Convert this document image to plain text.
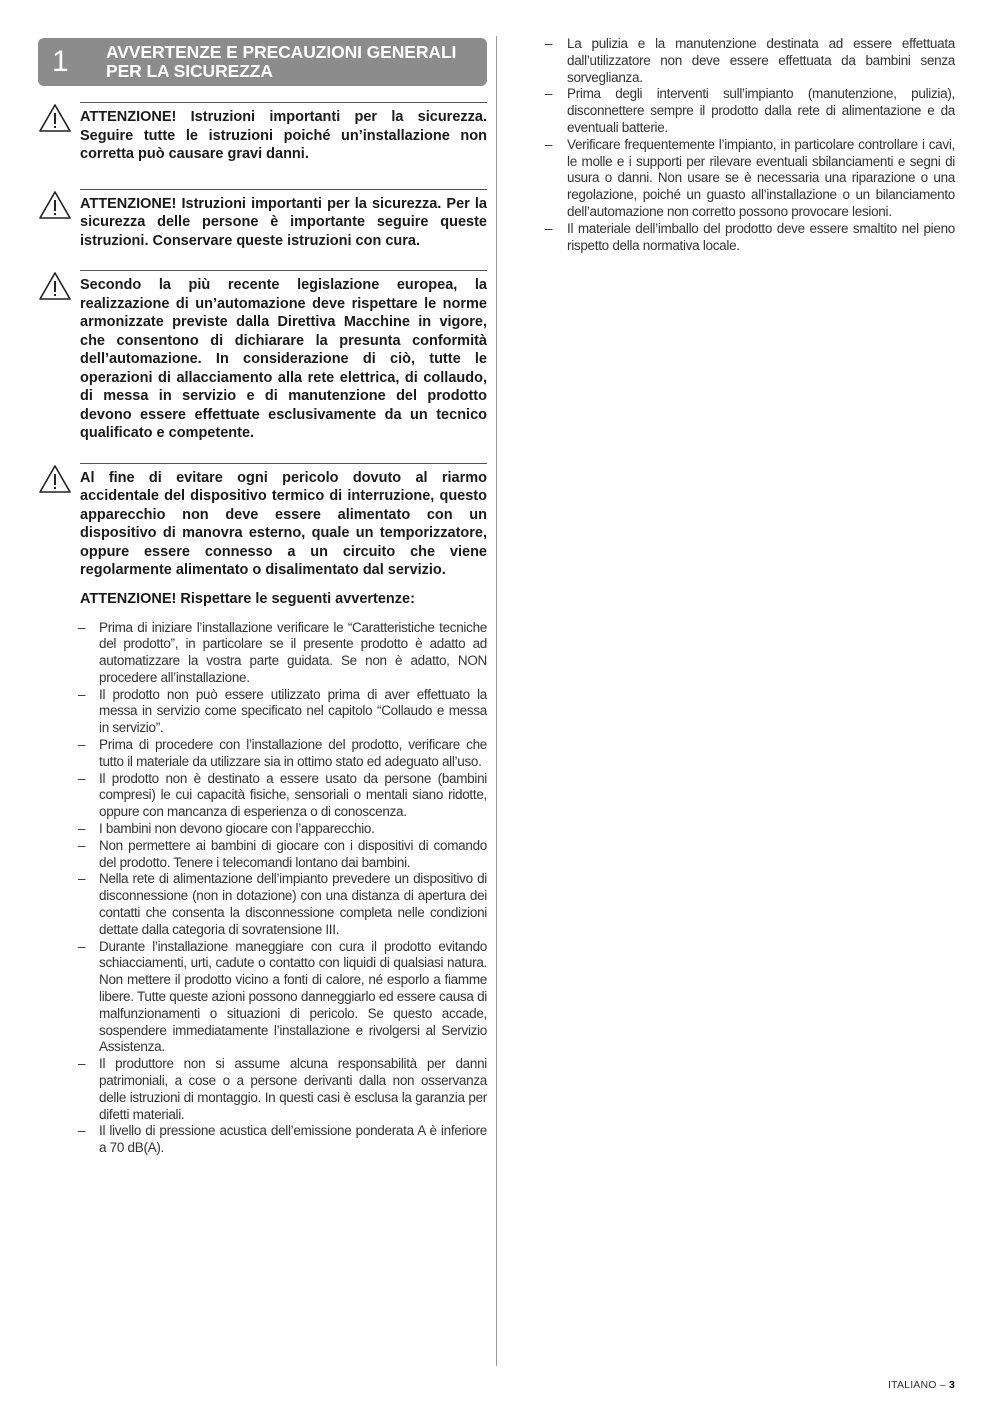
1 AVVERTENZE E PRECAUZIONI GENERALI
PER LA SICUREZZA
ATTENZIONE! Istruzioni importanti per la sicurezza. Seguire tutte le istruzioni poiché un’installazione non corretta può causare gravi danni.
ATTENZIONE! Istruzioni importanti per la sicurezza. Per la sicurezza delle persone è importante seguire queste istruzioni. Conservare queste istruzioni con cura.
Secondo la più recente legislazione europea, la realizzazione di un’automazione deve rispettare le norme armonizzate previste dalla Direttiva Macchine in vigore, che consentono di dichiarare la presunta conformità dell’automazione. In considerazione di ciò, tutte le operazioni di allacciamento alla rete elettrica, di collaudo, di messa in servizio e di manutenzione del prodotto devono essere effettuate esclusivamente da un tecnico qualificato e competente.
Al fine di evitare ogni pericolo dovuto al riarmo accidentale del dispositivo termico di interruzione, questo apparecchio non deve essere alimentato con un dispositivo di manovra esterno, quale un temporizzatore, oppure essere connesso a un circuito che viene regolarmente alimentato o disalimentato dal servizio.
ATTENZIONE! Rispettare le seguenti avvertenze:
– Prima di iniziare l’installazione verificare le “Caratteristiche tecniche del prodotto”, in particolare se il presente prodotto è adatto ad automatizzare la vostra parte guidata. Se non è adatto, NON procedere all’installazione.
– Il prodotto non può essere utilizzato prima di aver effettuato la messa in servizio come specificato nel capitolo “Collaudo e messa in servizio”.
– Prima di procedere con l’installazione del prodotto, verificare che tutto il materiale da utilizzare sia in ottimo stato ed adeguato all’uso.
– Il prodotto non è destinato a essere usato da persone (bambini compresi) le cui capacità fisiche, sensoriali o mentali siano ridotte, oppure con mancanza di esperienza o di conoscenza.
– I bambini non devono giocare con l’apparecchio.
– Non permettere ai bambini di giocare con i dispositivi di comando del prodotto. Tenere i telecomandi lontano dai bambini.
– Nella rete di alimentazione dell’impianto prevedere un dispositivo di disconnessione (non in dotazione) con una distanza di apertura dei contatti che consenta la disconnessione completa nelle condizioni dettate dalla categoria di sovratensione III.
– Durante l’installazione maneggiare con cura il prodotto evitando schiacciamenti, urti, cadute o contatto con liquidi di qualsiasi natura. Non mettere il prodotto vicino a fonti di calore, né esporlo a fiamme libere. Tutte queste azioni possono danneggiarlo ed essere causa di malfunzionamenti o situazioni di pericolo. Se questo accade, sospendere immediatamente l’installazione e rivolgersi al Servizio Assistenza.
– Il produttore non si assume alcuna responsabilità per danni patrimoniali, a cose o a persone derivanti dalla non osservanza delle istruzioni di montaggio. In questi casi è esclusa la garanzia per difetti materiali.
– Il livello di pressione acustica dell’emissione ponderata A è inferiore a 70 dB(A).
– La pulizia e la manutenzione destinata ad essere effettuata dall’utilizzatore non deve essere effettuata da bambini senza sorveglianza.
– Prima degli interventi sull’impianto (manutenzione, pulizia), disconnettere sempre il prodotto dalla rete di alimentazione e da eventuali batterie.
– Verificare frequentemente l’impianto, in particolare controllare i cavi, le molle e i supporti per rilevare eventuali sbilanciamenti e segni di usura o danni. Non usare se è necessaria una riparazione o una regolazione, poiché un guasto all’installazione o un bilanciamento dell’automazione non corretto possono provocare lesioni.
– Il materiale dell’imballo del prodotto deve essere smaltito nel pieno rispetto della normativa locale.
ITALIANO – 3
